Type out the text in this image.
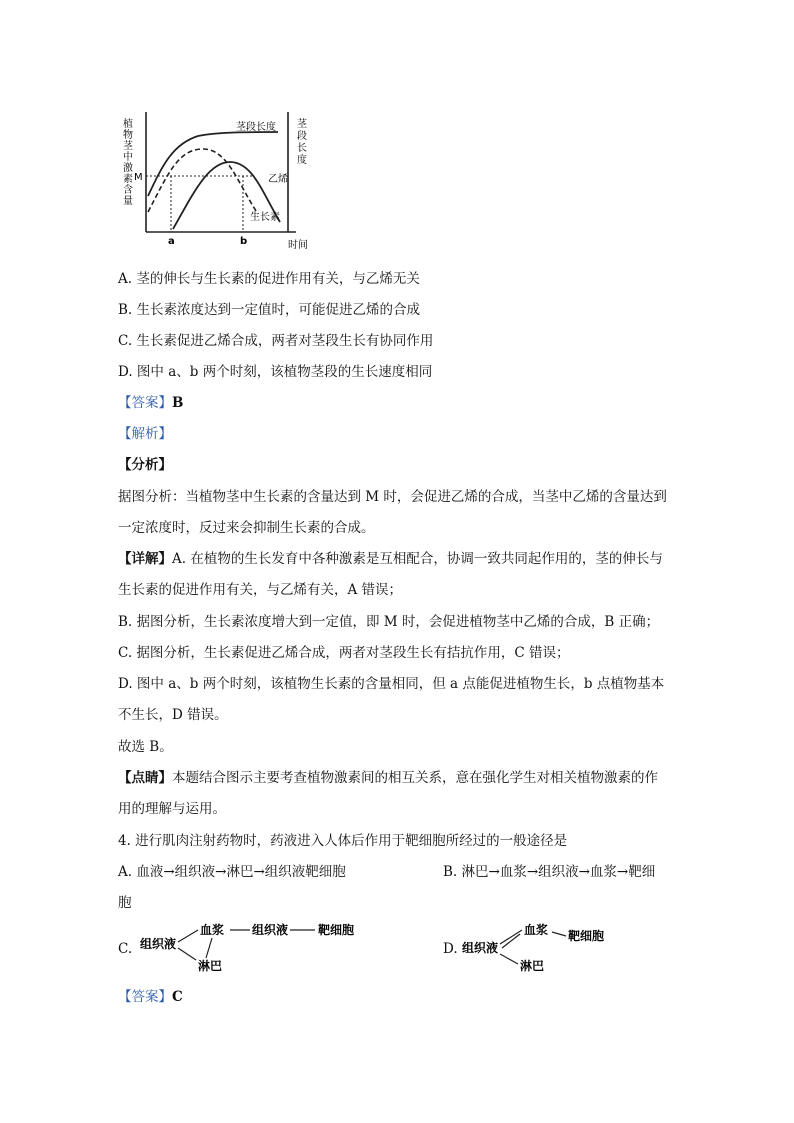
植物茎中激素含量	茎段长度
茎段长度
乙烯
生长素
M
a	b	时间
A. 茎的伸长与生长素的促进作用有关，与乙烯无关
B. 生长素浓度达到一定值时，可能促进乙烯的合成
C. 生长素促进乙烯合成，两者对茎段生长有协同作用
D. 图中 a、b 两个时刻，该植物茎段的生长速度相同
【答案】B
【解析】
【分析】
据图分析：当植物茎中生长素的含量达到 M 时，会促进乙烯的合成，当茎中乙烯的含量达到
一定浓度时，反过来会抑制生长素的合成。
【详解】A. 在植物的生长发育中各种激素是互相配合，协调一致共同起作用的，茎的伸长与
生长素的促进作用有关，与乙烯有关，A 错误；
B. 据图分析，生长素浓度增大到一定值，即 M 时，会促进植物茎中乙烯的合成，B 正确；
C. 据图分析，生长素促进乙烯合成，两者对茎段生长有拮抗作用，C 错误；
D. 图中 a、b 两个时刻，该植物生长素的含量相同，但 a 点能促进植物生长，b 点植物基本
不生长，D 错误。
故选 B。
【点睛】本题结合图示主要考查植物激素间的相互关系，意在强化学生对相关植物激素的作
用的理解与运用。
4. 进行肌肉注射药物时，药液进入人体后作用于靶细胞所经过的一般途径是
A. 血液→组织液→淋巴→组织液靶细胞	B. 淋巴→血浆→组织液→血浆→靶细
胞
C. 组织液
血浆 组织液 靶细胞
淋巴
D. 组织液
血浆 靶细胞
淋巴
【答案】C
